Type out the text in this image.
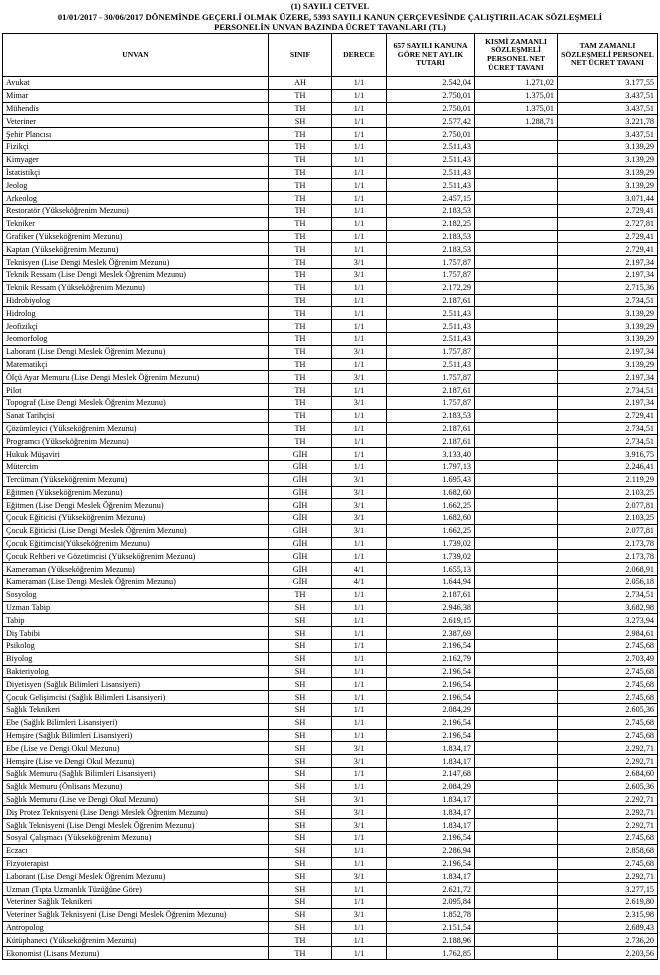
(1) SAYILI CETVEL
01/01/2017 - 30/06/2017 DÖNEMİNDE GEÇERLİ OLMAK ÜZERE, 5393 SAYILI KANUN ÇERÇEVESİNDE ÇALIŞTIRILACAK SÖZLEŞMELİ
PERSONELİN UNVAN BAZINDA ÜCRET TAVANLARI (TL)
UNVAN	SINIF	DERECE	657 SAYILI KANUNA GÖRE NET AYLIK TUTARI	KISMİ ZAMANLI SÖZLEŞMELİ PERSONEL NET ÜCRET TAVANI	TAM ZAMANLI SÖZLEŞMELİ PERSONEL NET ÜCRET TAVANI
Avukat	AH	1/1	2.542,04	1.271,02	3.177,55
Mimar	TH	1/1	2.750,01	1.375,01	3.437,51
Mühendis	TH	1/1	2.750,01	1.375,01	3.437,51
Veteriner	SH	1/1	2.577,42	1.288,71	3.221,78
Şehir Plancısı	TH	1/1	2.750,01		3.437,51
Fizikçi	TH	1/1	2.511,43		3.139,29
Kimyager	TH	1/1	2.511,43		3.139,29
İstatistikçi	TH	1/1	2.511,43		3.139,29
Jeolog	TH	1/1	2.511,43		3.139,29
Arkeolog	TH	1/1	2.457,15		3.071,44
Restoratör (Yükseköğrenim Mezunu)	TH	1/1	2.183,53		2.729,41
Tekniker	TH	1/1	2.182,25		2.727,81
Grafiker (Yükseköğrenim Mezunu)	TH	1/1	2.183,53		2.729,41
Kaptan (Yükseköğrenim Mezunu)	TH	1/1	2.183,53		2.729,41
Teknisyen (Lise Dengi Meslek Öğrenim Mezunu)	TH	3/1	1.757,87		2.197,34
Teknik Ressam (Lise Dengi Meslek Öğrenim Mezunu)	TH	3/1	1.757,87		2.197,34
Teknik Ressam (Yükseköğrenim Mezunu)	TH	1/1	2.172,29		2.715,36
Hidrobiyolog	TH	1/1	2.187,61		2.734,51
Hidrolog	TH	1/1	2.511,43		3.139,29
Jeofizikçi	TH	1/1	2.511,43		3.139,29
Jeomorfolog	TH	1/1	2.511,43		3.139,29
Laborant (Lise Dengi Meslek Öğrenim Mezunu)	TH	3/1	1.757,87		2.197,34
Matematikçi	TH	1/1	2.511,43		3.139,29
Ölçü Ayar Memuru (Lise Dengi Meslek Öğrenim Mezunu)	TH	3/1	1.757,87		2.197,34
Pilot	TH	1/1	2.187,61		2.734,51
Topograf (Lise Dengi Meslek Öğrenim Mezunu)	TH	3/1	1.757,87		2.197,34
Sanat Tarihçisi	TH	1/1	2.183,53		2.729,41
Çözümleyici (Yükseköğrenim Mezunu)	TH	1/1	2.187,61		2.734,51
Programcı (Yükseköğrenim Mezunu)	TH	1/1	2.187,61		2.734,51
Hukuk Müşaviri	GİH	1/1	3.133,40		3.916,75
Mütercim	GİH	1/1	1.797,13		2.246,41
Tercüman (Yükseköğrenim Mezunu)	GİH	3/1	1.695,43		2.119,29
Eğitmen (Yükseköğrenim Mezunu)	GİH	3/1	1.682,60		2.103,25
Eğitmen (Lise Dengi Meslek Öğrenim Mezunu)	GİH	3/1	1.662,25		2.077,81
Çocuk Eğiticisi (Yükseköğrenim Mezunu)	GİH	3/1	1.682,60		2.103,25
Çocuk Eğiticisi (Lise Dengi Meslek Öğrenim Mezunu)	GİH	3/1	1.662,25		2.077,81
Çocuk Eğitimcisi(Yükseköğrenim Mezunu)	GİH	1/1	1.739,02		2.173,78
Çocuk Rehberi ve Gözetimcisi (Yükseköğrenim Mezunu)	GİH	1/1	1.739,02		2.173,78
Kameraman (Yükseköğrenim Mezunu)	GİH	4/1	1.655,13		2.068,91
Kameraman (Lise Dengi Meslek Öğrenim Mezunu)	GİH	4/1	1.644,94		2.056,18
Sosyolog	TH	1/1	2.187,61		2.734,51
Uzman Tabip	SH	1/1	2.946,38		3.682,98
Tabip	SH	1/1	2.619,15		3.273,94
Diş Tabibi	SH	1/1	2.387,69		2.984,61
Psikolog	SH	1/1	2.196,54		2.745,68
Biyolog	SH	1/1	2.162,79		2.703,49
Bakteriyolog	SH	1/1	2.196,54		2.745,68
Diyetisyen (Sağlık Bilimleri Lisansiyeri)	SH	1/1	2.196,54		2.745,68
Çocuk Gelişimcisi (Sağlık Bilimleri Lisansiyeri)	SH	1/1	2.196,54		2.745,68
Sağlık Teknikeri	SH	1/1	2.084,29		2.605,36
Ebe (Sağlık Bilimleri Lisansiyeri)	SH	1/1	2.196,54		2.745,68
Hemşire (Sağlık Bilimleri Lisansiyeri)	SH	1/1	2.196,54		2.745,68
Ebe (Lise ve Dengi Okul Mezunu)	SH	3/1	1.834,17		2.292,71
Hemşire (Lise ve Dengi Okul Mezunu)	SH	3/1	1.834,17		2.292,71
Sağlık Memuru (Sağlık Bilimleri Lisansiyeri)	SH	1/1	2.147,68		2.684,60
Sağlık Memuru (Önlisans Mezunu)	SH	1/1	2.084,29		2.605,36
Sağlık Memuru (Lise ve Dengi Okul Mezunu)	SH	3/1	1.834,17		2.292,71
Diş Protez Teknisyeni (Lise Dengi Meslek Öğrenim Mezunu)	SH	3/1	1.834,17		2.292,71
Sağlık Teknisyeni (Lise Dengi Meslek Öğrenim Mezunu)	SH	3/1	1.834,17		2.292,71
Sosyal Çalışmacı (Yükseköğrenim Mezunu)	SH	1/1	2.196,54		2.745,68
Eczacı	SH	1/1	2.286,94		2.858,68
Fizyoterapist	SH	1/1	2.196,54		2.745,68
Laborant (Lise Dengi Meslek Öğrenim Mezunu)	SH	3/1	1.834,17		2.292,71
Uzman (Tıpta Uzmanlık Tüzüğüne Göre)	SH	1/1	2.621,72		3.277,15
Veteriner Sağlık Teknikeri	SH	1/1	2.095,84		2.619,80
Veteriner Sağlık Teknisyeni (Lise Dengi Meslek Öğrenim Mezunu)	SH	3/1	1.852,78		2.315,98
Antropolog	SH	1/1	2.151,54		2.689,43
Kütüphaneci (Yükseköğrenim Mezunu)	TH	1/1	2.188,96		2.736,20
Ekonomist (Lisans Mezunu)	TH	1/1	1.762,85		2.203,56
